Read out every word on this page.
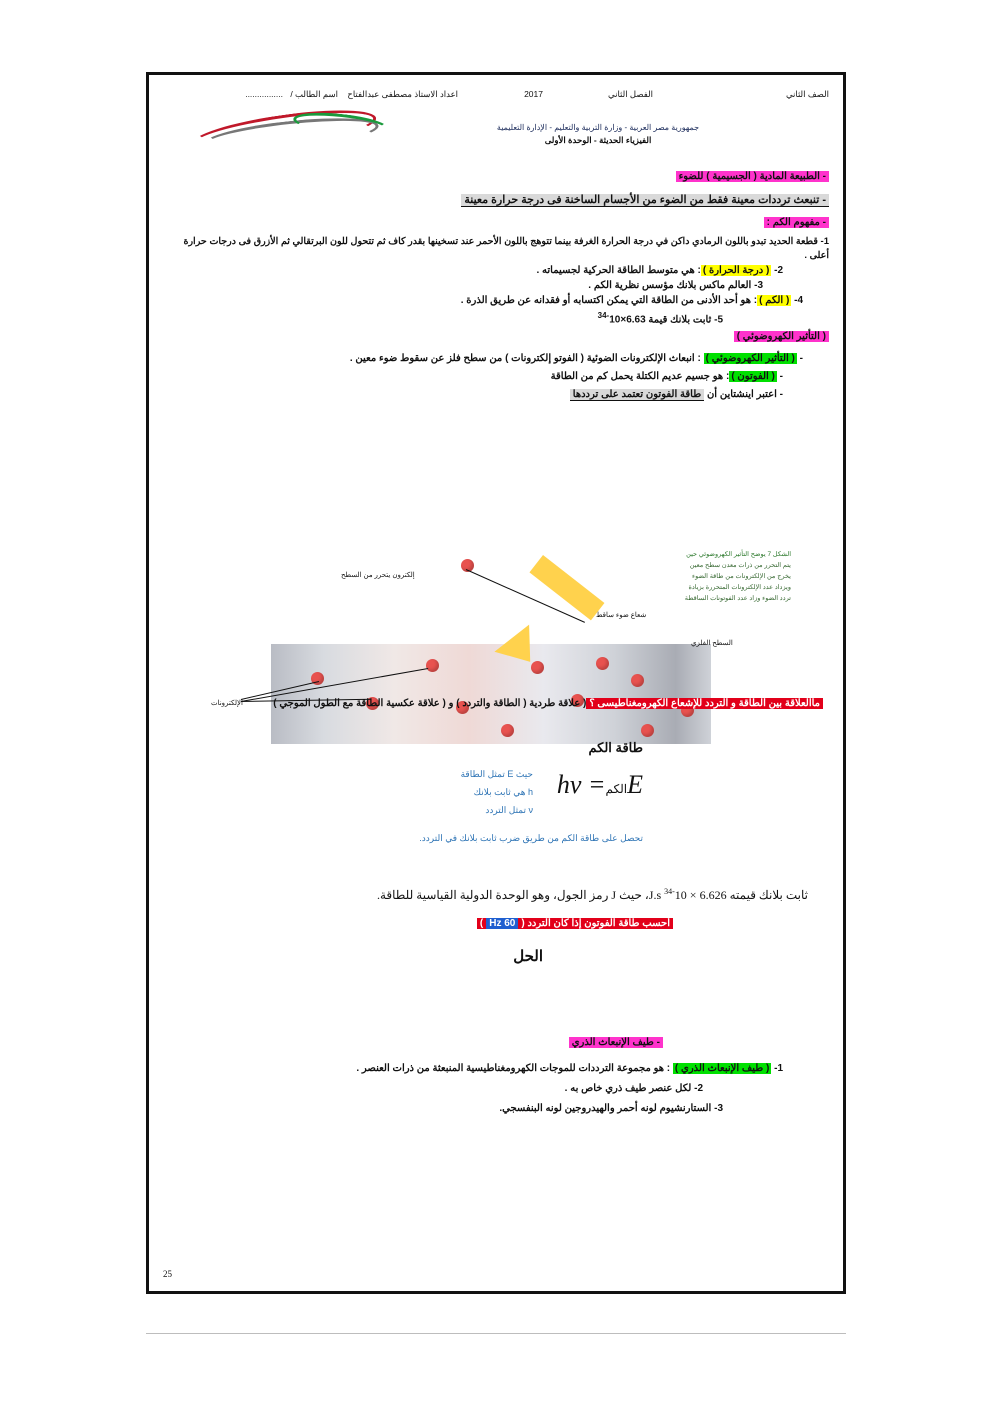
الصف الثاني
الفصل الثاني
2017
اعداد الاستاذ مصطفى عبدالفتاح
اسم الطالب /
................
جمهورية مصر العربية - وزارة التربية والتعليم - الإدارة التعليمية
الفيزياء الحديثة - الوحدة الأولى
- الطبيعة المادية ( الجسيمية ) للضوء
- تنبعث ترددات معينة فقط من الضوء من الأجسام الساخنة فى درجة حرارة معينة
- مفهوم الكم :
1- قطعة الحديد تبدو باللون الرمادي داكن في درجة الحرارة الغرفة بينما تتوهج باللون الأحمر عند تسخينها بقدر كاف ثم تتحول للون البرتقالي ثم الأزرق فى درجات حرارة أعلى .
2- ( درجة الحرارة ): هي متوسط الطاقة الحركية لجسيماته .
3- العالم ماكس بلانك مؤسس نظرية الكم .
4- ( الكم ): هو أحد الأدنى من الطاقة التي يمكن اكتسابه أو فقدانه عن طريق الذرة .
5- ثابت بلانك قيمة $6.63\times 10^{-34}$
( التأثير الكهروضوئي )
- ( التأثير الكهروضوئي ) : انبعاث الإلكترونات الضوئية ( الفوتو إلكترونات ) من سطح فلز عن سقوط ضوء معين .
- ( الفوتون ): هو جسيم عديم الكتلة يحمل كم من الطاقة
- اعتبر اينشتاين أن طاقة الفوتون تعتمد على ترددها
إلكترون يتحرر من السطح
شعاع ضوء ساقط
السطح الفلزي
الإلكترونات
الشكل 7 يوضح التأثير الكهروضوئي حين
يتم التحرر من ذرات معدن سطح معين
يخرج من الإلكترونات من طاقة الضوء
ويزداد عدد الإلكترونات المتحررة بزيادة
تردد الضوء وزاد عدد الفوتونات الساقطة
ماالعلاقة بين الطاقة و التردد للإشعاع الكهرومغناطيسى ؟( علاقة طردية ( الطاقة والتردد ) و ( علاقة عكسية الطاقة مع الطول الموجي )
طاقة الكم
Eالكم= hν
حيث E تمثل الطاقة
h هي ثابت بلانك
ν تمثل التردد
تحصل على طاقة الكم من طريق ضرب ثابت بلانك في التردد.
ثابت بلانك قيمته $6.626 \times 10^{-34}$ J.s، حيث J رمز الجول، وهو الوحدة الدولية القياسية للطاقة.
أحسب طاقة الفوتون إذا كان التردد (60 Hz)
الحل
- طيف الإنبعاث الذري
1- ( طيف الإنبعاث الذري ) : هو مجموعة الترددات للموجات الكهرومغناطيسية المنبعثة من ذرات العنصر .
2- لكل عنصر طيف ذري خاص به .
3- الستارنشيوم لونه أحمر والهيدروجين لونه البنفسجي.
25
